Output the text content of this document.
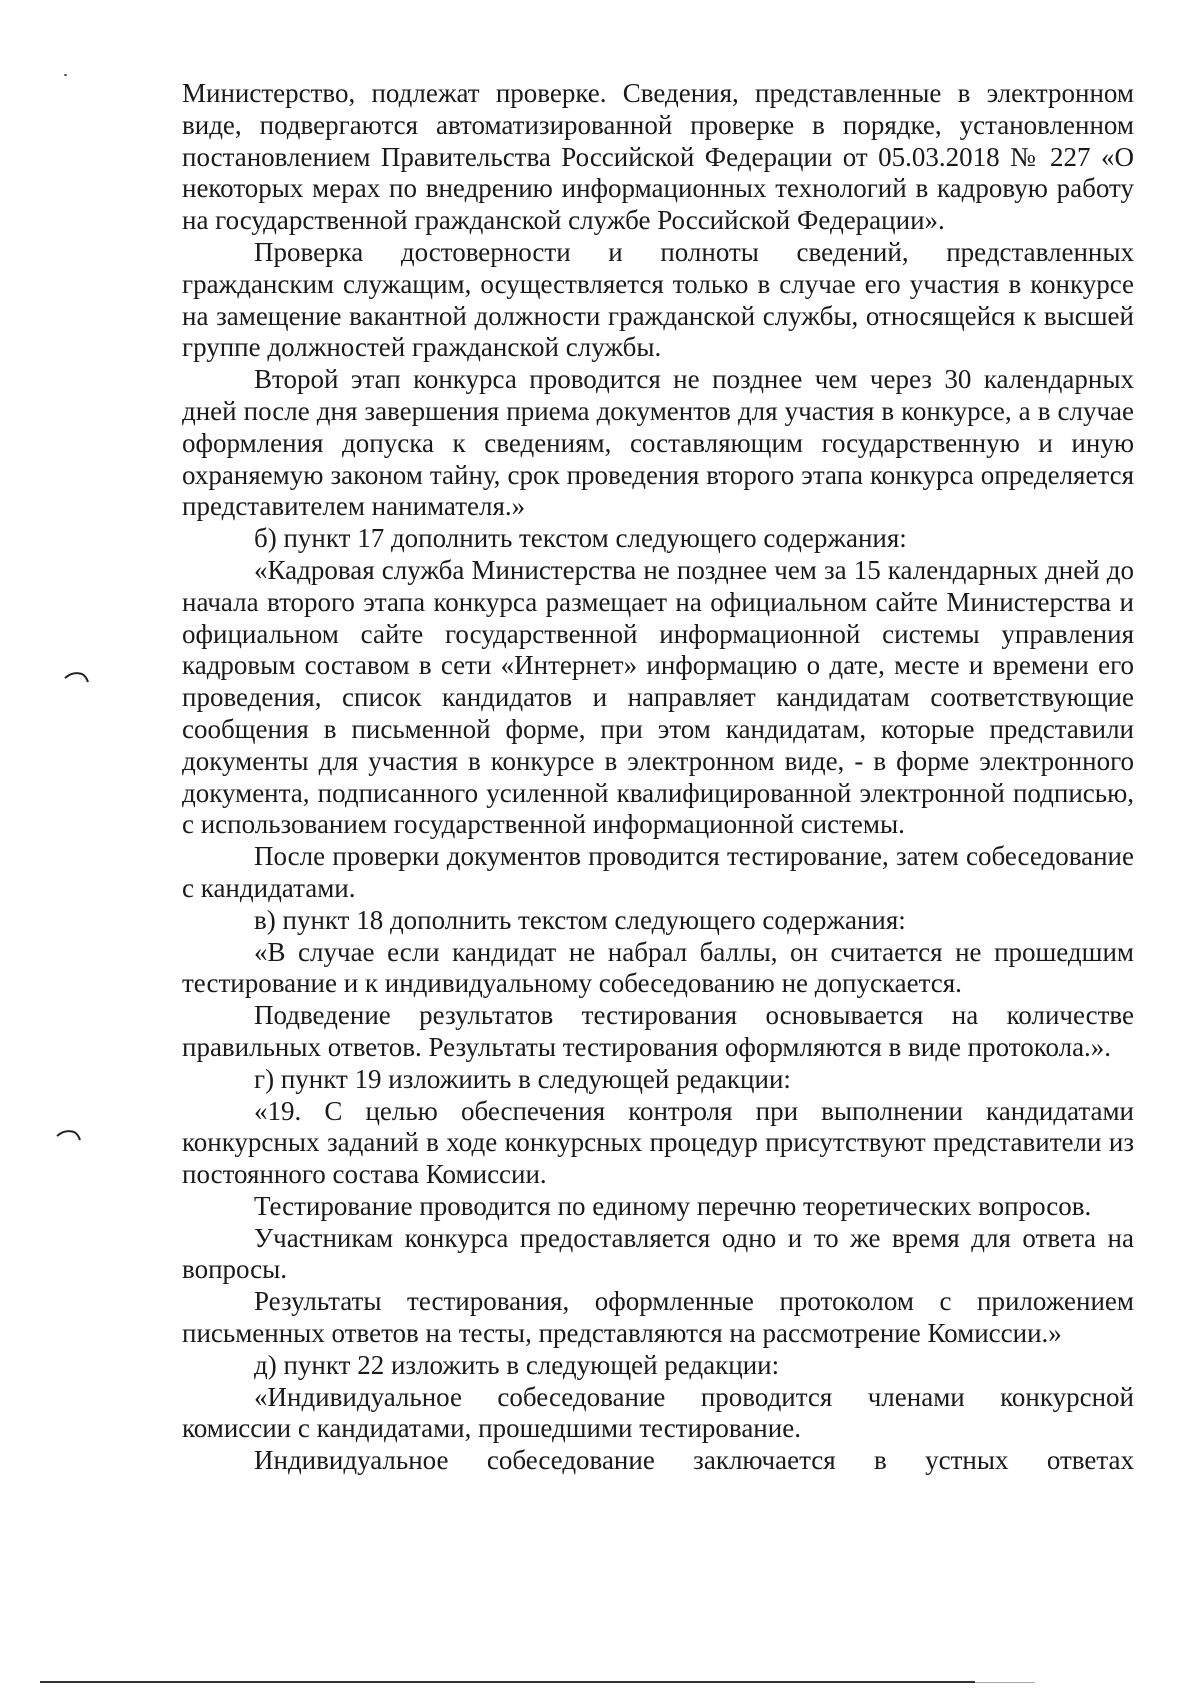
Министерство, подлежат проверке. Сведения, представленные в электронном виде, подвергаются автоматизированной проверке в порядке, установленном постановлением Правительства Российской Федерации от 05.03.2018 № 227 «О некоторых мерах по внедрению информационных технологий в кадровую работу на государственной гражданской службе Российской Федерации».

Проверка достоверности и полноты сведений, представленных гражданским служащим, осуществляется только в случае его участия в конкурсе на замещение вакантной должности гражданской службы, относящейся к высшей группе должностей гражданской службы.

Второй этап конкурса проводится не позднее чем через 30 календарных дней после дня завершения приема документов для участия в конкурсе, а в случае оформления допуска к сведениям, составляющим государственную и иную охраняемую законом тайну, срок проведения второго этапа конкурса определяется представителем нанимателя.»

б) пункт 17 дополнить текстом следующего содержания:

«Кадровая служба Министерства не позднее чем за 15 календарных дней до начала второго этапа конкурса размещает на официальном сайте Министерства и официальном сайте государственной информационной системы управления кадровым составом в сети «Интернет» информацию о дате, месте и времени его проведения, список кандидатов и направляет кандидатам соответствующие сообщения в письменной форме, при этом кандидатам, которые представили документы для участия в конкурсе в электронном виде, - в форме электронного документа, подписанного усиленной квалифицированной электронной подписью, с использованием государственной информационной системы.

После проверки документов проводится тестирование, затем собеседование с кандидатами.

в) пункт 18 дополнить текстом следующего содержания:

«В случае если кандидат не набрал баллы, он считается не прошедшим тестирование и к индивидуальному собеседованию не допускается.

Подведение результатов тестирования основывается на количестве правильных ответов. Результаты тестирования оформляются в виде протокола.».

г) пункт 19 изложиить в следующей редакции:

«19. С целью обеспечения контроля при выполнении кандидатами конкурсных заданий в ходе конкурсных процедур присутствуют представители из постоянного состава Комиссии.

Тестирование проводится по единому перечню теоретических вопросов.

Участникам конкурса предоставляется одно и то же время для ответа на вопросы.

Результаты тестирования, оформленные протоколом с приложением письменных ответов на тесты, представляются на рассмотрение Комиссии.»

д) пункт 22 изложить в следующей редакции:

«Индивидуальное собеседование проводится членами конкурсной комиссии с кандидатами, прошедшими тестирование.

Индивидуальное собеседование заключается в устных ответах
